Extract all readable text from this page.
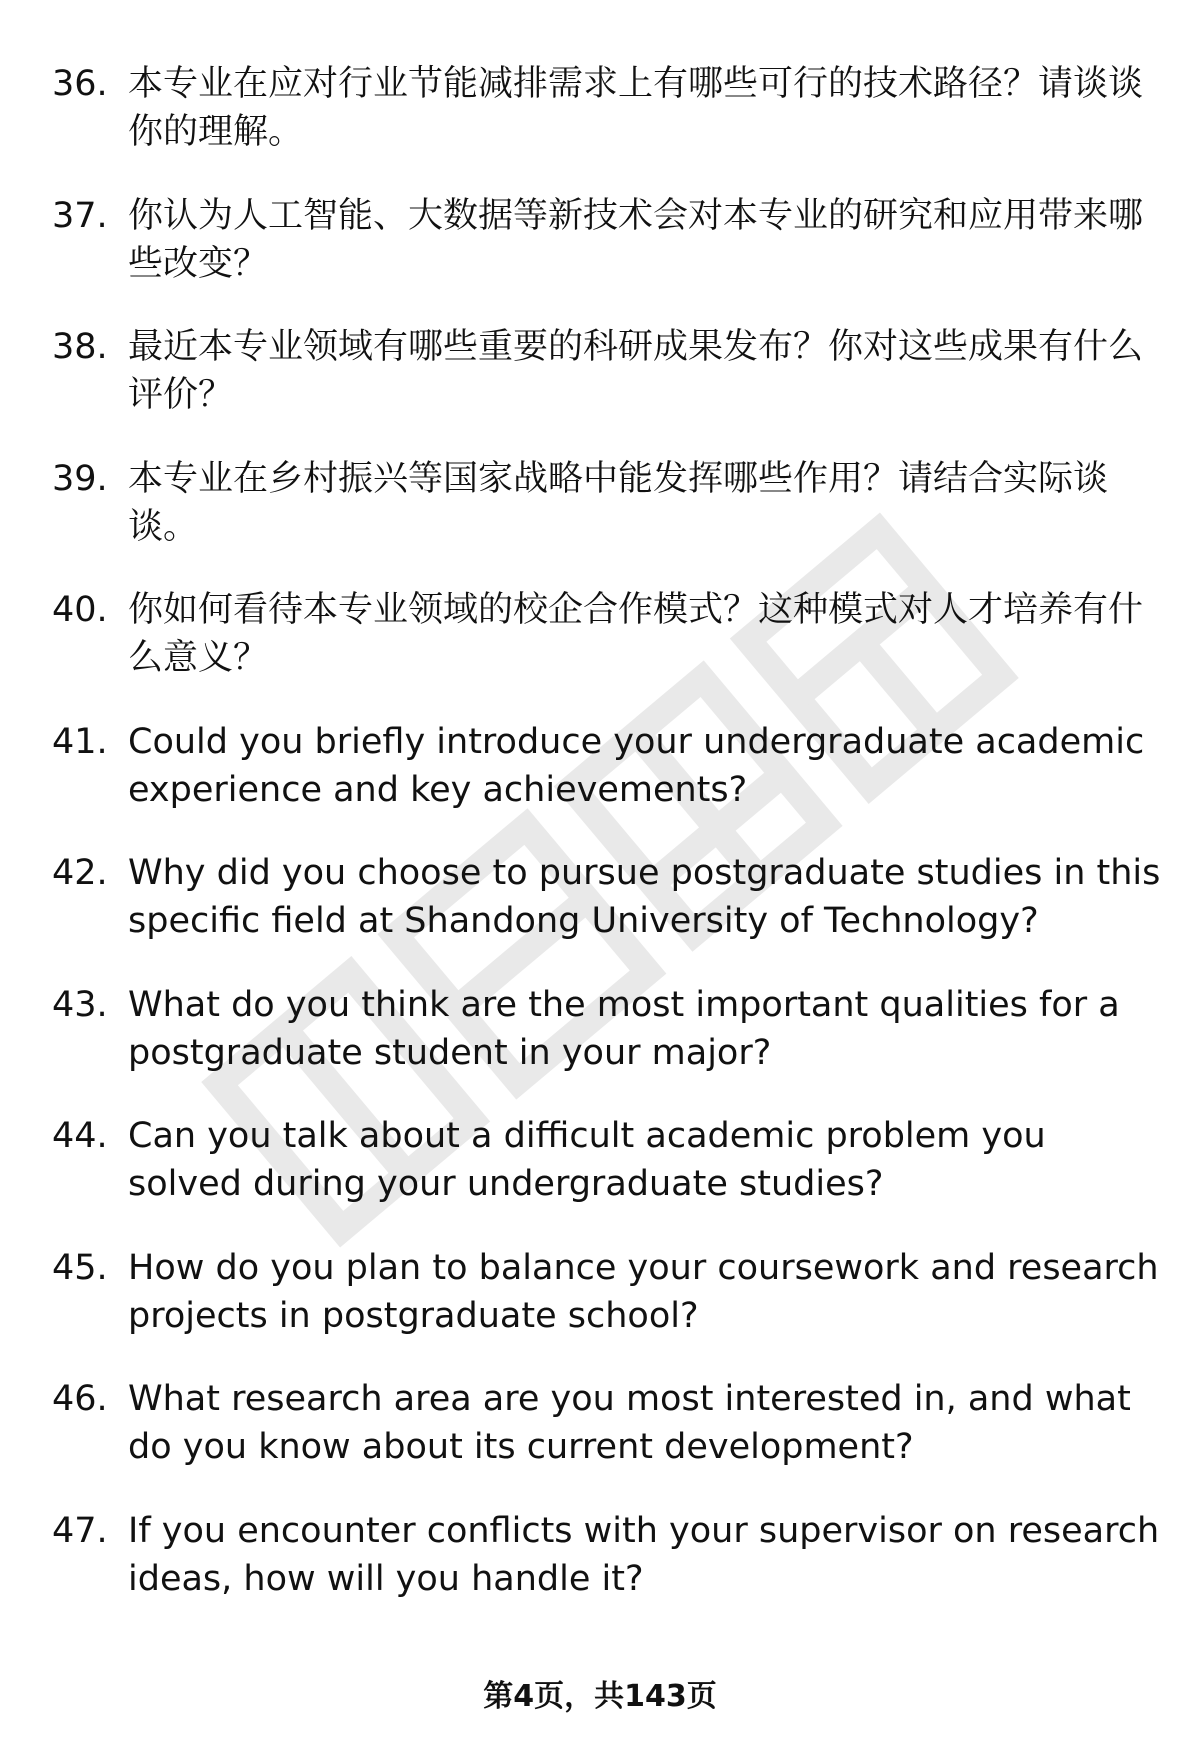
36. 本专业在应对行业节能减排需求上有哪些可行的技术路径？请谈谈你的理解。
37. 你认为人工智能、大数据等新技术会对本专业的研究和应用带来哪些改变？
38. 最近本专业领域有哪些重要的科研成果发布？你对这些成果有什么评价？
39. 本专业在乡村振兴等国家战略中能发挥哪些作用？请结合实际谈谈。
40. 你如何看待本专业领域的校企合作模式？这种模式对人才培养有什么意义？
41. Could you briefly introduce your undergraduate academic experience and key achievements?
42. Why did you choose to pursue postgraduate studies in this specific field at Shandong University of Technology?
43. What do you think are the most important qualities for a postgraduate student in your major?
44. Can you talk about a difficult academic problem you solved during your undergraduate studies?
45. How do you plan to balance your coursework and research projects in postgraduate school?
46. What research area are you most interested in, and what do you know about its current development?
47. If you encounter conflicts with your supervisor on research ideas, how will you handle it?
第4页，共143页
